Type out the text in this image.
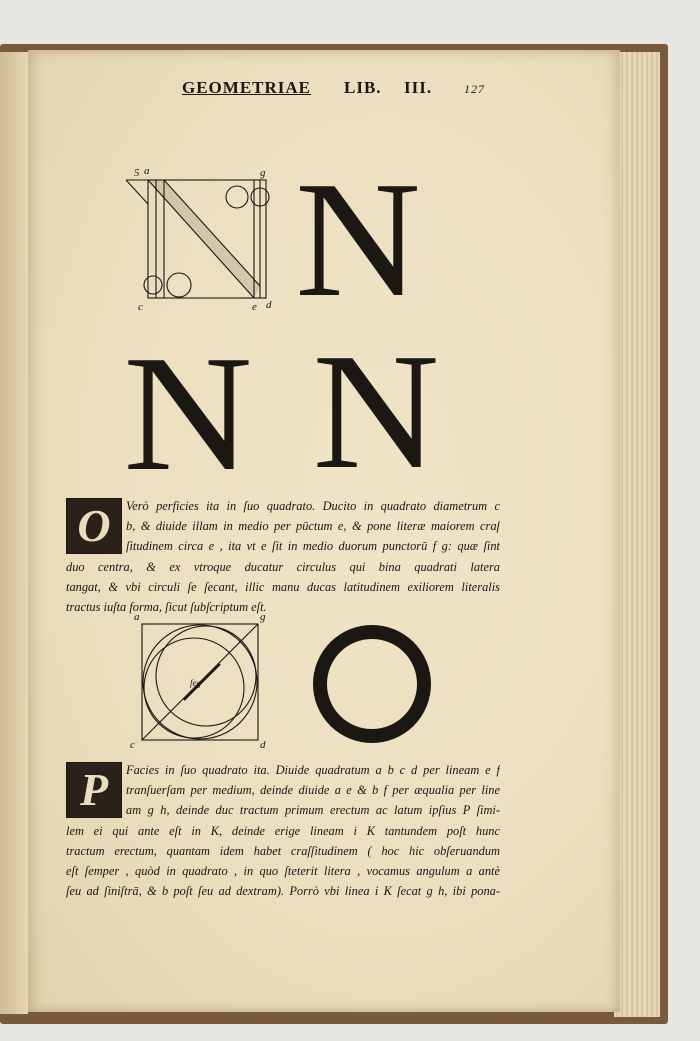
GEOMETRIAE LIB. III.	127
5 a	g
c	e d N
N N
O	Verò perficies ita in ſuo quadrato. Ducito in quadrato diametrum c
b, & diuide illam in medio per pūctum e, & pone literæ maiorem craſ
ſitudinem circa e , ita vt e ſit in medio duorum punctorū f g: quæ ſint
duo centra, & ex vtroque ducatur circulus qui bina quadrati latera
tangat, & vbi circuli ſe ſecant, illic manu ducas latitudinem exiliorem literalis
tractus iuſta forma, ſicut ſubſcriptum eſt.
a	g
c	d
feg
P	Facies in ſuo quadrato ita. Diuide quadratum a b c d per lineam e f
tranſuerſam per medium, deinde diuide a e & b f per æqualia per line
am g h, deinde duc tractum primum erectum ac latum ipſius P ſimi-
lem ei qui ante eſt in K, deinde erige lineam i K tantundem poſt hunc
tractum erectum, quantam idem habet craſſitudinem ( hoc hic obſeruandum
eſt ſemper , quòd in quadrato , in quo ſteterit litera , vocamus angulum a antè
ſeu ad ſiniſtrā, & b poſt ſeu ad dextram). Porrò vbi linea i K ſecat g h, ibi pona-
